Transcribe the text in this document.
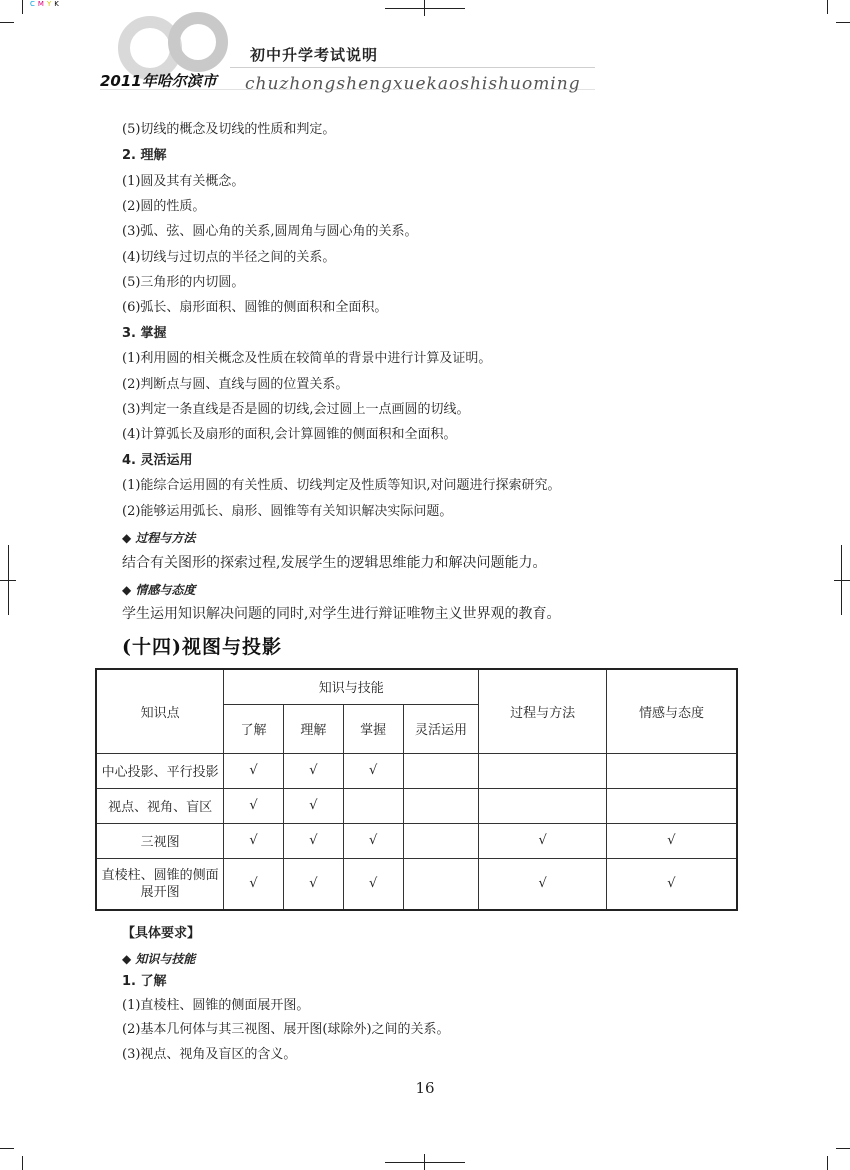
C M Y K
2011年哈尔滨市
初中升学考试说明
chuzhongshengxuekaoshishuoming
(5)切线的概念及切线的性质和判定。
2. 理解
(1)圆及其有关概念。
(2)圆的性质。
(3)弧、弦、圆心角的关系,圆周角与圆心角的关系。
(4)切线与过切点的半径之间的关系。
(5)三角形的内切圆。
(6)弧长、扇形面积、圆锥的侧面积和全面积。
3. 掌握
(1)利用圆的相关概念及性质在较简单的背景中进行计算及证明。
(2)判断点与圆、直线与圆的位置关系。
(3)判定一条直线是否是圆的切线,会过圆上一点画圆的切线。
(4)计算弧长及扇形的面积,会计算圆锥的侧面积和全面积。
4. 灵活运用
(1)能综合运用圆的有关性质、切线判定及性质等知识,对问题进行探索研究。
(2)能够运用弧长、扇形、圆锥等有关知识解决实际问题。
◆ 过程与方法
结合有关图形的探索过程,发展学生的逻辑思维能力和解决问题能力。
◆ 情感与态度
学生运用知识解决问题的同时,对学生进行辩证唯物主义世界观的教育。
(十四)视图与投影
知识点	知识与技能				过程与方法	情感与态度
	了解	理解	掌握	灵活运用		
中心投影、平行投影	√	√	√			
视点、视角、盲区	√	√				
三视图	√	√	√		√	√
直棱柱、圆锥的侧面展开图	√	√	√		√	√
【具体要求】
◆ 知识与技能
1. 了解
(1)直棱柱、圆锥的侧面展开图。
(2)基本几何体与其三视图、展开图(球除外)之间的关系。
(3)视点、视角及盲区的含义。
16
